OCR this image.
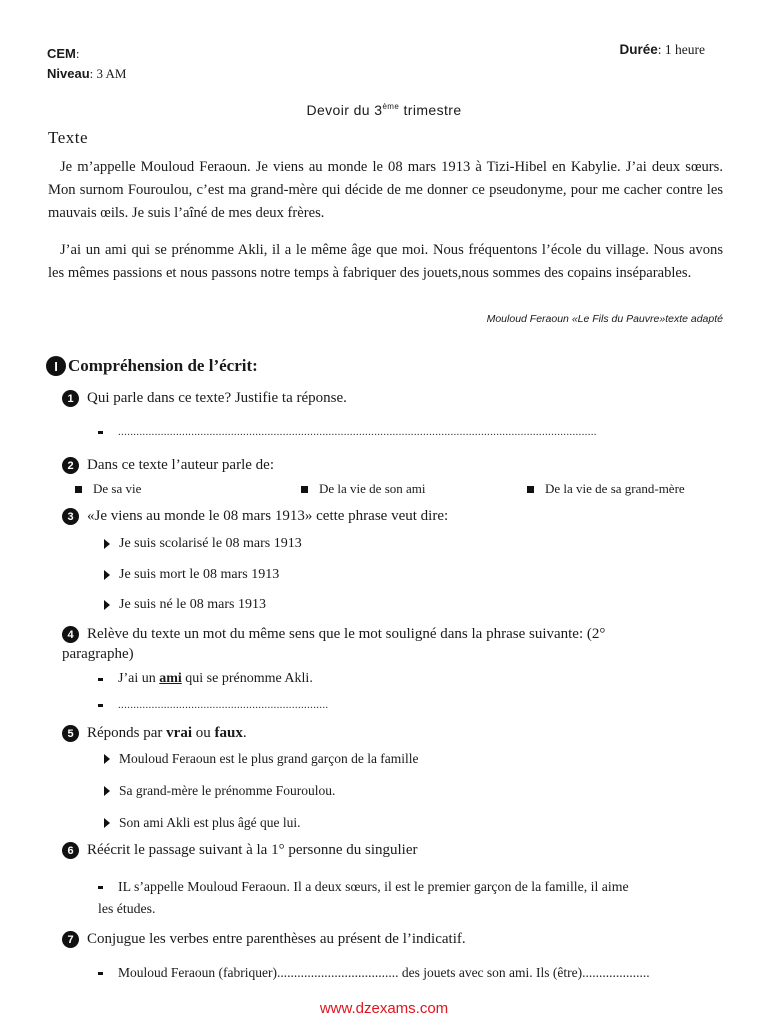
CEM:
Niveau: 3 AM
Durée: 1 heure
Devoir du 3ème trimestre
Texte
Je m’appelle Mouloud Feraoun. Je viens au monde le 08 mars 1913 à Tizi-Hibel en Kabylie. J’ai deux sœurs. Mon surnom Fouroulou, c’est ma grand-mère qui décide de me donner ce pseudonyme, pour me cacher contre les mauvais œils. Je suis l’aîné de mes deux frères.
J’ai un ami qui se prénomme Akli, il a le même âge que moi. Nous fréquentons l’école du village. Nous avons les mêmes passions et nous passons notre temps à fabriquer des jouets,nous sommes des copains inséparables.
Mouloud Feraoun «Le Fils du Pauvre»texte adapté
I Compréhension de l’écrit:
1 Qui parle dans ce texte? Justifie ta réponse.
.............................................................................................................................................................
2 Dans ce texte l’auteur parle de:
De sa vie	De la vie de son ami	De la vie de sa grand-mère
3 «Je viens au monde le 08 mars 1913» cette phrase veut dire:
Je suis scolarisé le 08 mars 1913
Je suis mort le 08 mars 1913
Je suis né le 08 mars 1913
4 Relève du texte un mot du même sens que le mot souligné dans la phrase suivante: (2°
paragraphe)
J’ai un ami qui se prénomme Akli.
.....................................................................
5 Réponds par vrai ou faux.
Mouloud Feraoun est le plus grand garçon de la famille
Sa grand-mère le prénomme Fouroulou.
Son ami Akli est plus âgé que lui.
6 Réécrit le passage suivant à la 1° personne du singulier
IL s’appelle Mouloud Feraoun. Il a deux sœurs, il est le premier garçon de la famille, il aime
les études.
7 Conjugue les verbes entre parenthèses au présent de l’indicatif.
Mouloud Feraoun (fabriquer).................................... des jouets avec son ami. Ils (être)....................
www.dzexams.com
